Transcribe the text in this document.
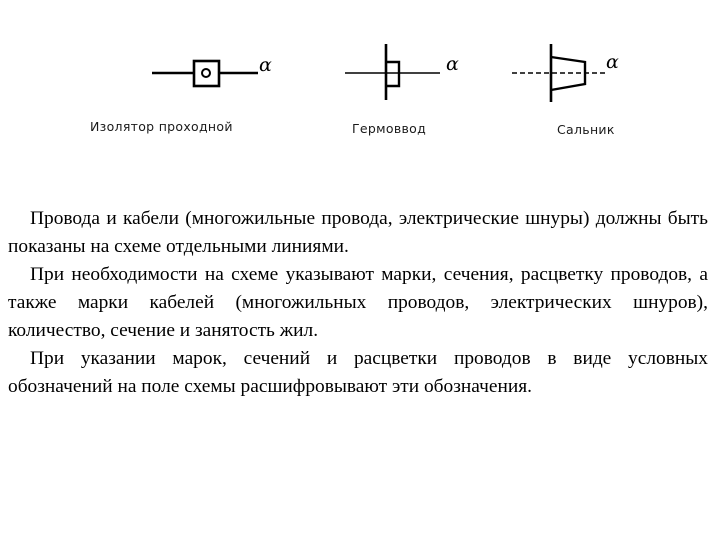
α
Изолятор проходной
α
Гермоввод
α
Сальник

Провода и кабели (многожильные провода, электрические шнуры) должны быть показаны на схеме отдельными линиями.

При необходимости на схеме указывают марки, сечения, расцветку проводов, а также марки кабелей (многожильных проводов, электрических шнуров), количество, сечение и занятость жил.

При указании марок, сечений и расцветки проводов в виде условных обозначений на поле схемы расшифровывают эти обозначения.
